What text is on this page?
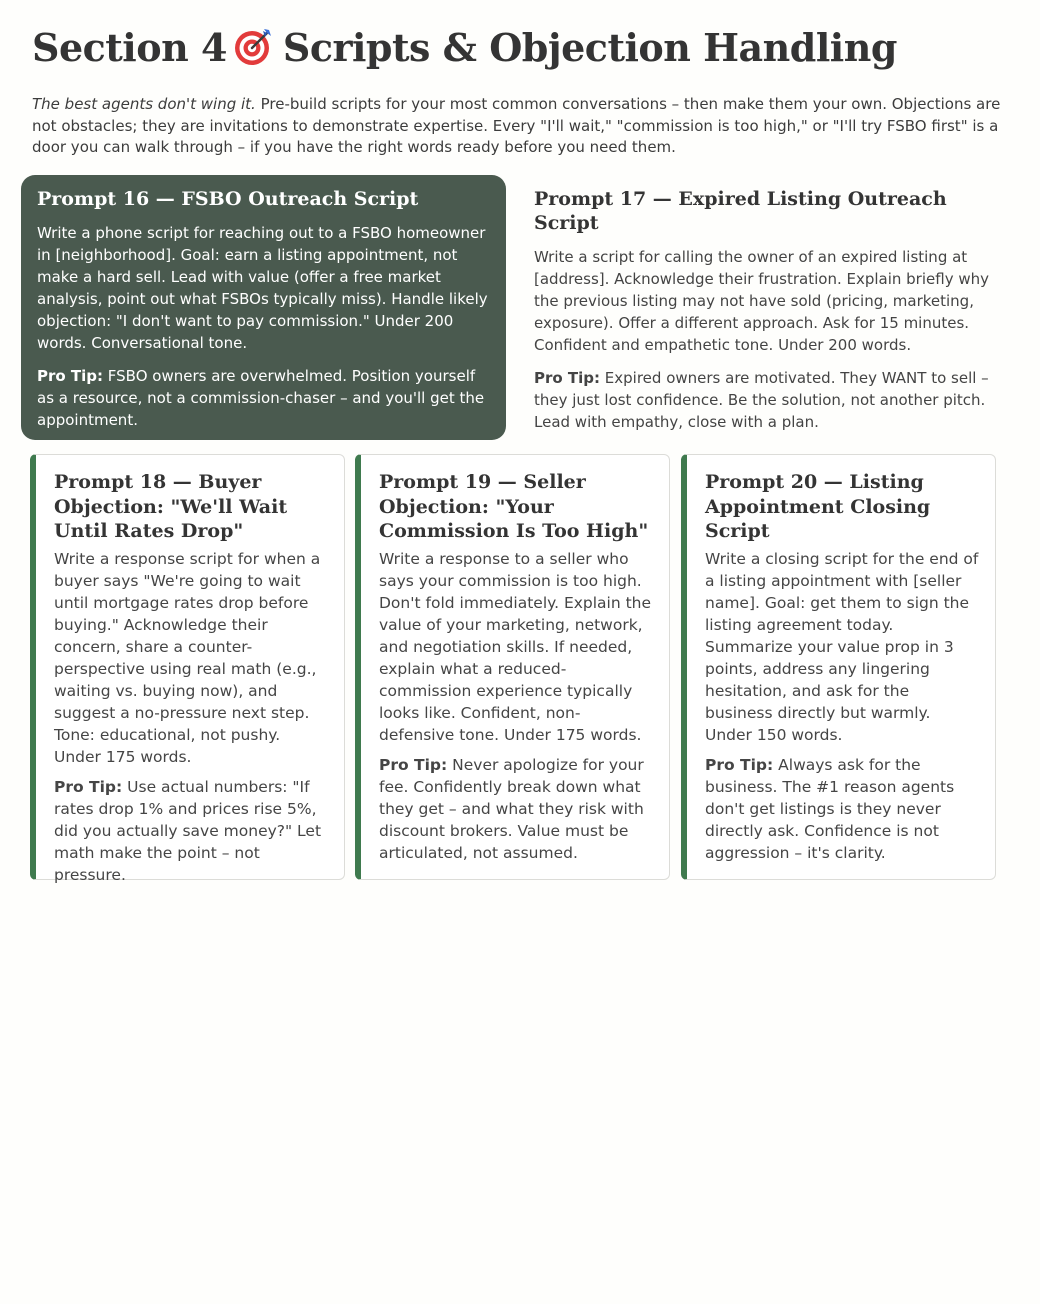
Section 4 Scripts & Objection Handling

The best agents don't wing it. Pre-build scripts for your most common conversations – then make them your own. Objections are not obstacles; they are invitations to demonstrate expertise. Every "I'll wait," "commission is too high," or "I'll try FSBO first" is a door you can walk through – if you have the right words ready before you need them.

Prompt 16 — FSBO Outreach Script

Write a phone script for reaching out to a FSBO homeowner in [neighborhood]. Goal: earn a listing appointment, not make a hard sell. Lead with value (offer a free market analysis, point out what FSBOs typically miss). Handle likely objection: "I don't want to pay commission." Under 200 words. Conversational tone.

Pro Tip: FSBO owners are overwhelmed. Position yourself as a resource, not a commission-chaser – and you'll get the appointment.

Prompt 17 — Expired Listing Outreach Script

Write a script for calling the owner of an expired listing at [address]. Acknowledge their frustration. Explain briefly why the previous listing may not have sold (pricing, marketing, exposure). Offer a different approach. Ask for 15 minutes. Confident and empathetic tone. Under 200 words.

Pro Tip: Expired owners are motivated. They WANT to sell – they just lost confidence. Be the solution, not another pitch. Lead with empathy, close with a plan.

Prompt 18 — Buyer Objection: "We'll Wait Until Rates Drop"

Write a response script for when a buyer says "We're going to wait until mortgage rates drop before buying." Acknowledge their concern, share a counter-perspective using real math (e.g., waiting vs. buying now), and suggest a no-pressure next step. Tone: educational, not pushy. Under 175 words.

Pro Tip: Use actual numbers: "If rates drop 1% and prices rise 5%, did you actually save money?" Let math make the point – not pressure.

Prompt 19 — Seller Objection: "Your Commission Is Too High"

Write a response to a seller who says your commission is too high. Don't fold immediately. Explain the value of your marketing, network, and negotiation skills. If needed, explain what a reduced-commission experience typically looks like. Confident, non-defensive tone. Under 175 words.

Pro Tip: Never apologize for your fee. Confidently break down what they get – and what they risk with discount brokers. Value must be articulated, not assumed.

Prompt 20 — Listing Appointment Closing Script

Write a closing script for the end of a listing appointment with [seller name]. Goal: get them to sign the listing agreement today. Summarize your value prop in 3 points, address any lingering hesitation, and ask for the business directly but warmly. Under 150 words.

Pro Tip: Always ask for the business. The #1 reason agents don't get listings is they never directly ask. Confidence is not aggression – it's clarity.
